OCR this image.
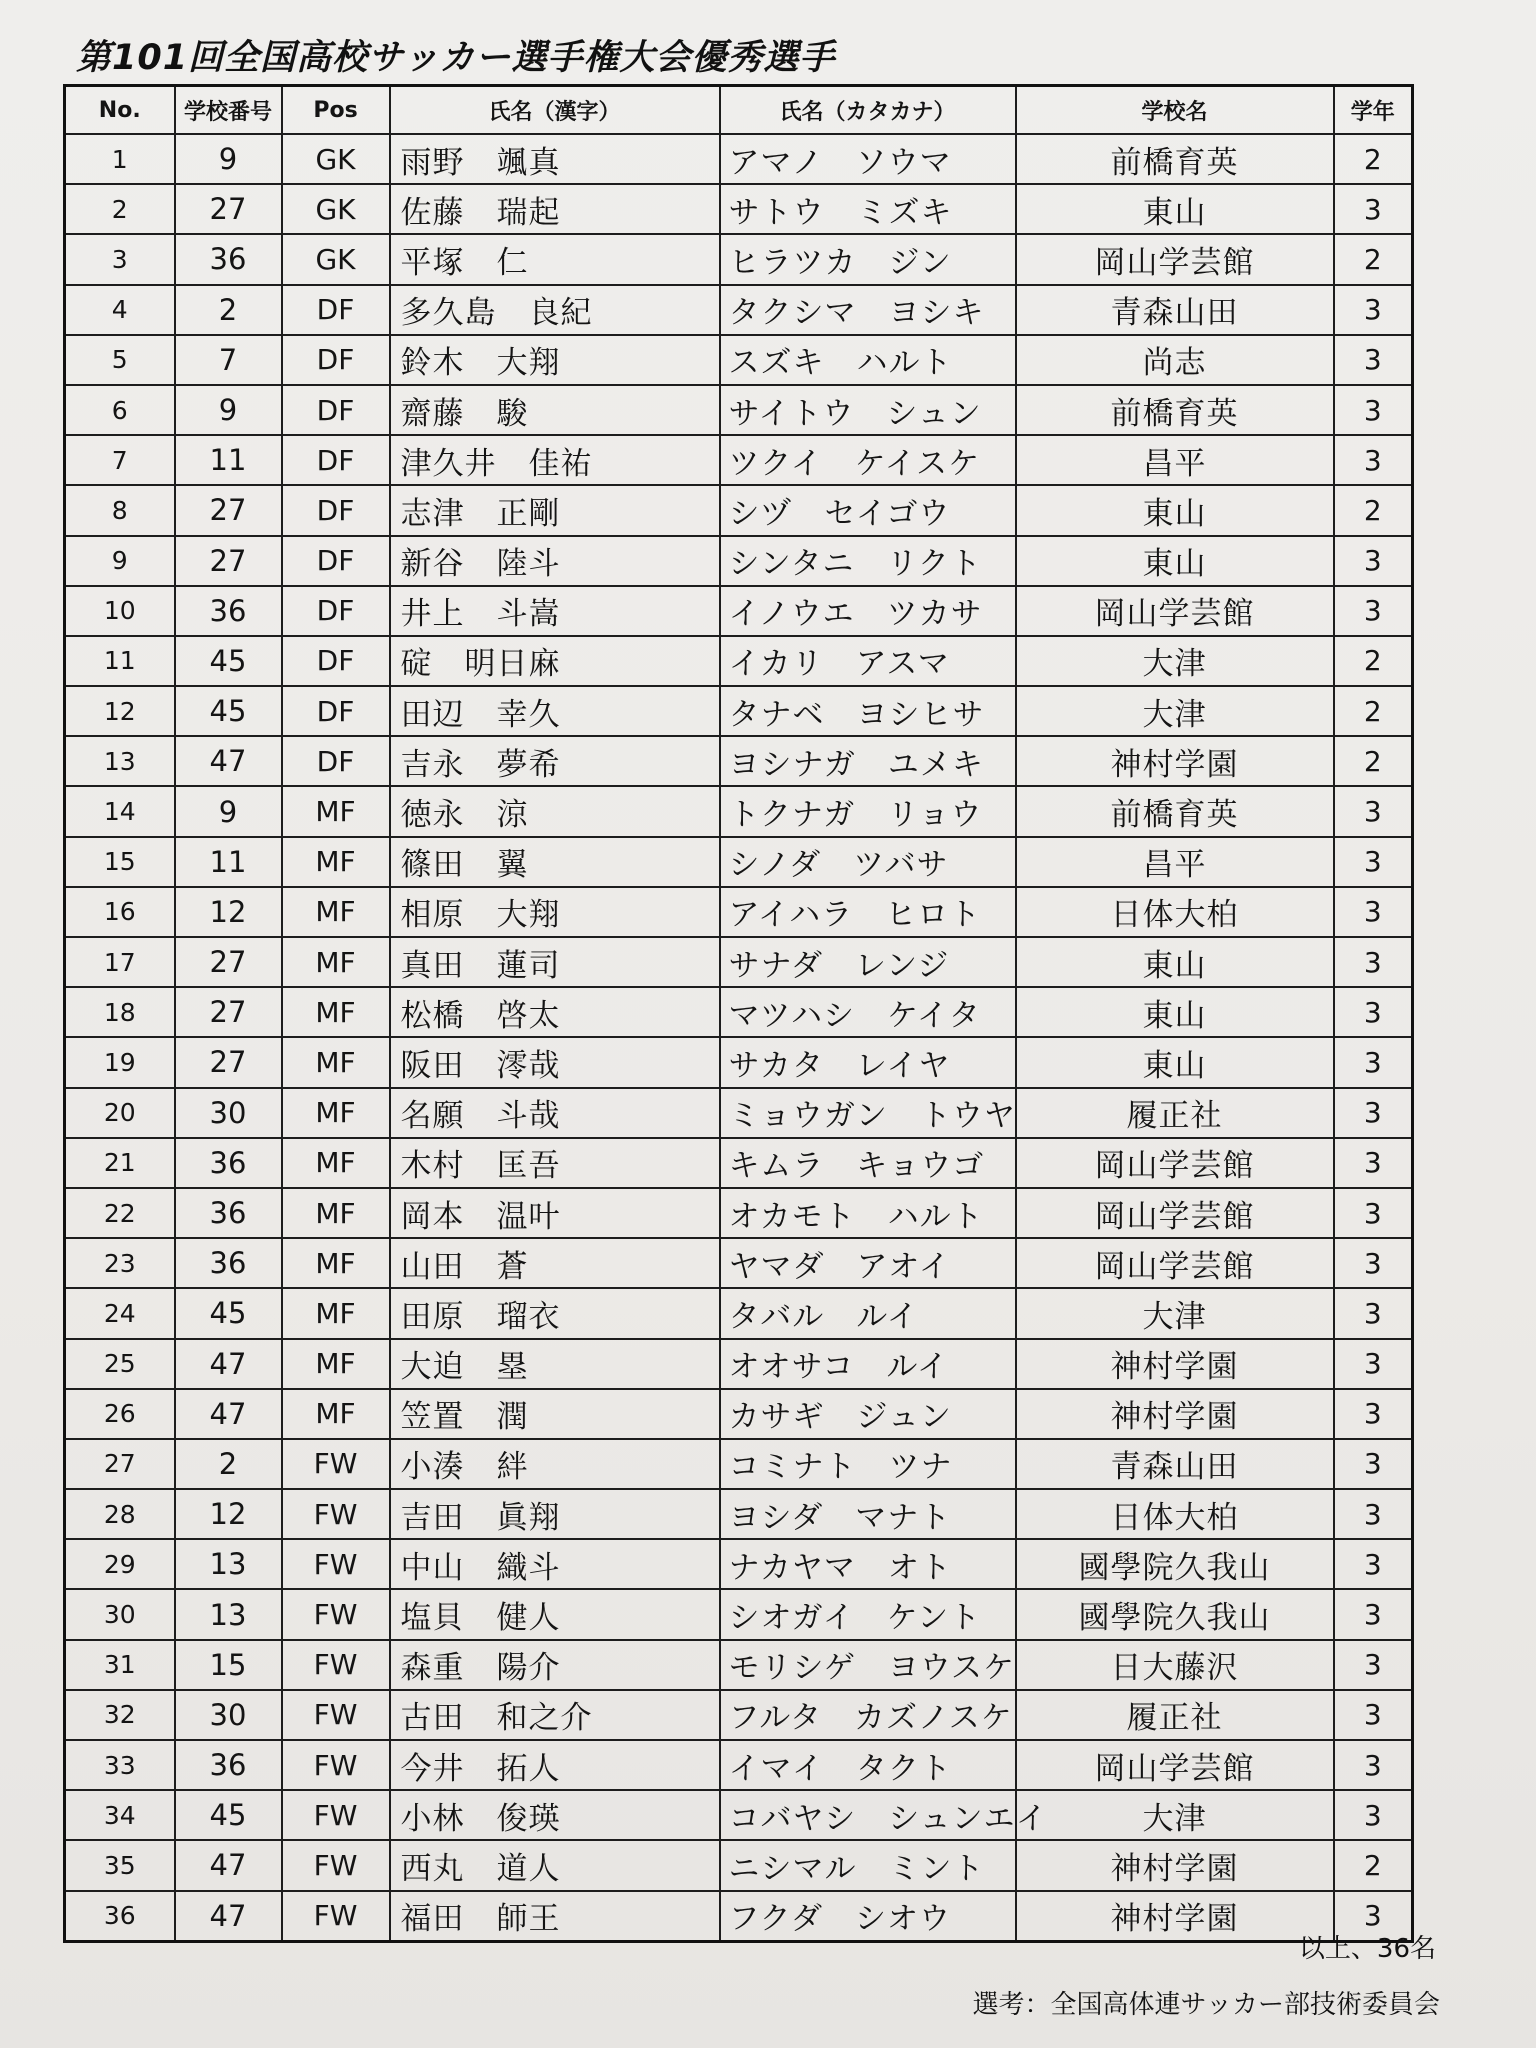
第101回全国高校サッカー選手権大会優秀選手
No.	学校番号	Pos	氏名（漢字）	氏名（カタカナ）	学校名	学年
1	9	GK	雨野　颯真	アマノ　ソウマ	前橋育英	2
2	27	GK	佐藤　瑞起	サトウ　ミズキ	東山	3
3	36	GK	平塚　仁	ヒラツカ　ジン	岡山学芸館	2
4	2	DF	多久島　良紀	タクシマ　ヨシキ	青森山田	3
5	7	DF	鈴木　大翔	スズキ　ハルト	尚志	3
6	9	DF	齋藤　駿	サイトウ　シュン	前橋育英	3
7	11	DF	津久井　佳祐	ツクイ　ケイスケ	昌平	3
8	27	DF	志津　正剛	シヅ　セイゴウ	東山	2
9	27	DF	新谷　陸斗	シンタニ　リクト	東山	3
10	36	DF	井上　斗嵩	イノウエ　ツカサ	岡山学芸館	3
11	45	DF	碇　明日麻	イカリ　アスマ	大津	2
12	45	DF	田辺　幸久	タナベ　ヨシヒサ	大津	2
13	47	DF	吉永　夢希	ヨシナガ　ユメキ	神村学園	2
14	9	MF	徳永　涼	トクナガ　リョウ	前橋育英	3
15	11	MF	篠田　翼	シノダ　ツバサ	昌平	3
16	12	MF	相原　大翔	アイハラ　ヒロト	日体大柏	3
17	27	MF	真田　蓮司	サナダ　レンジ	東山	3
18	27	MF	松橋　啓太	マツハシ　ケイタ	東山	3
19	27	MF	阪田　澪哉	サカタ　レイヤ	東山	3
20	30	MF	名願　斗哉	ミョウガン　トウヤ	履正社	3
21	36	MF	木村　匡吾	キムラ　キョウゴ	岡山学芸館	3
22	36	MF	岡本　温叶	オカモト　ハルト	岡山学芸館	3
23	36	MF	山田　蒼	ヤマダ　アオイ	岡山学芸館	3
24	45	MF	田原　瑠衣	タバル　ルイ	大津	3
25	47	MF	大迫　塁	オオサコ　ルイ	神村学園	3
26	47	MF	笠置　潤	カサギ　ジュン	神村学園	3
27	2	FW	小湊　絆	コミナト　ツナ	青森山田	3
28	12	FW	吉田　眞翔	ヨシダ　マナト	日体大柏	3
29	13	FW	中山　織斗	ナカヤマ　オト	國學院久我山	3
30	13	FW	塩貝　健人	シオガイ　ケント	國學院久我山	3
31	15	FW	森重　陽介	モリシゲ　ヨウスケ	日大藤沢	3
32	30	FW	古田　和之介	フルタ　カズノスケ	履正社	3
33	36	FW	今井　拓人	イマイ　タクト	岡山学芸館	3
34	45	FW	小林　俊瑛	コバヤシ　シュンエイ	大津	3
35	47	FW	西丸　道人	ニシマル　ミント	神村学園	2
36	47	FW	福田　師王	フクダ　シオウ	神村学園	3
以上、36名
選考：全国高体連サッカー部技術委員会
